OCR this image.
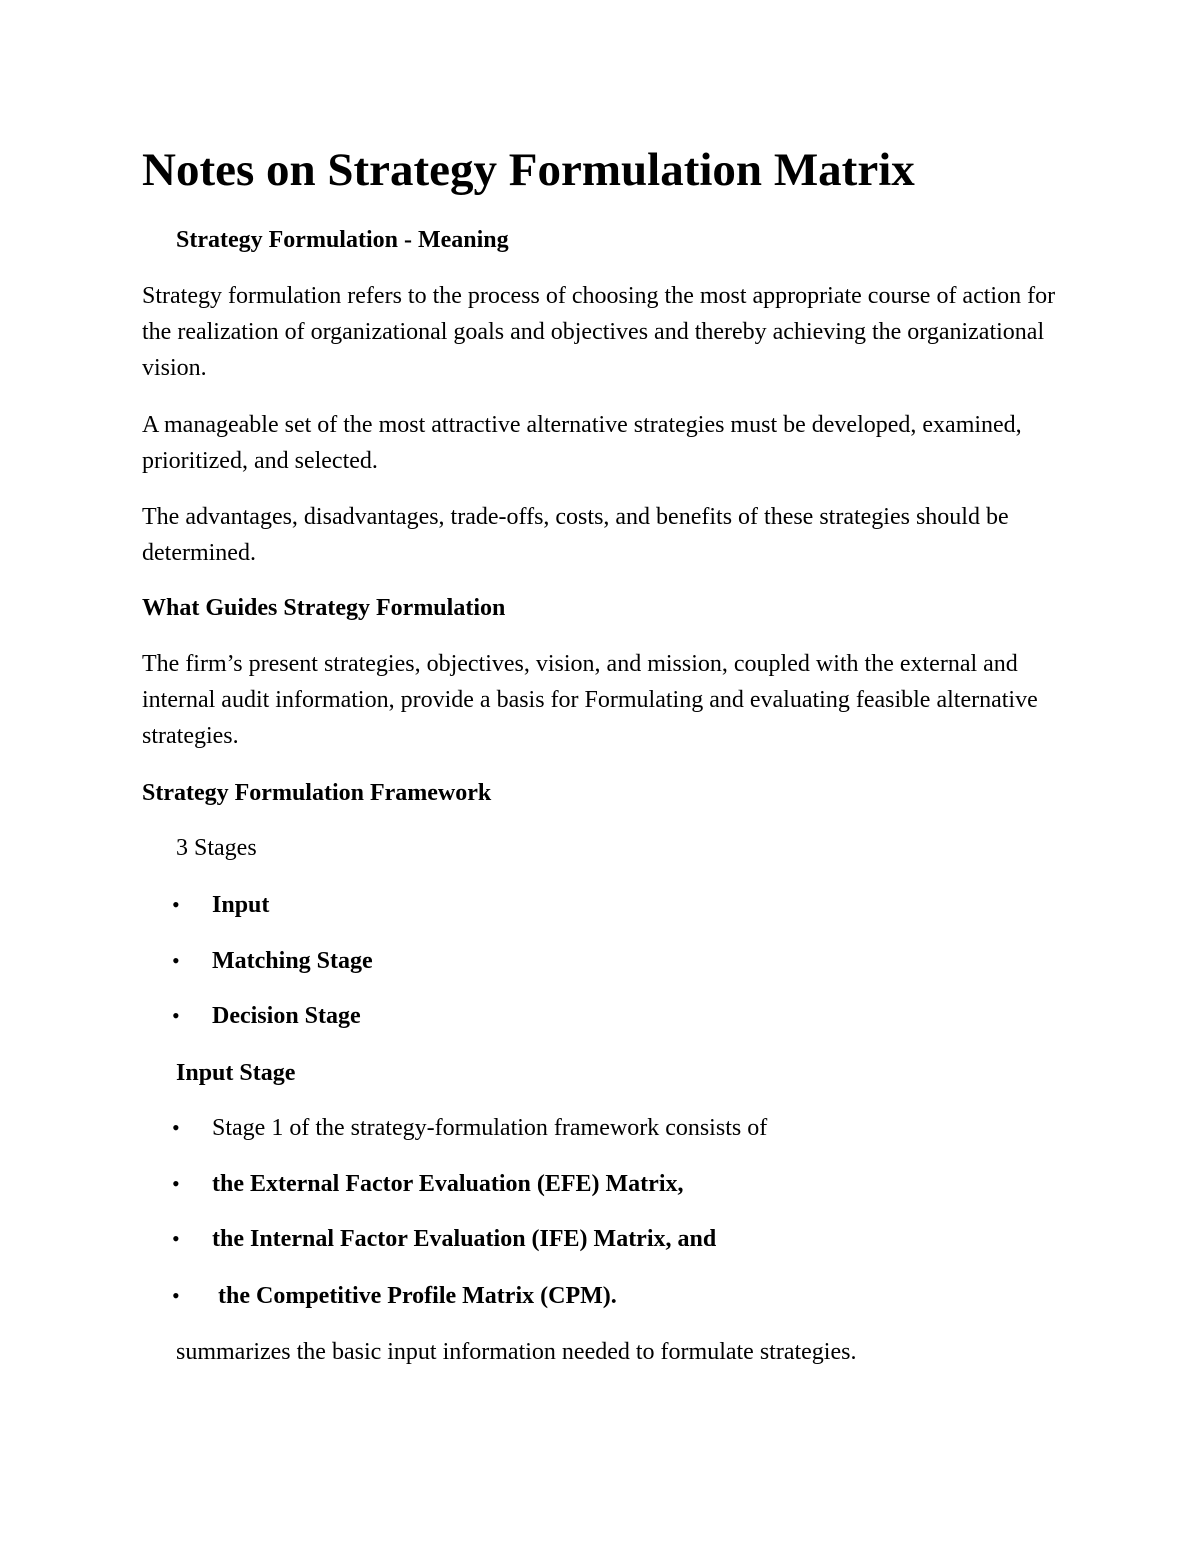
Notes on Strategy Formulation Matrix

Strategy Formulation - Meaning

Strategy formulation refers to the process of choosing the most appropriate course of action for the realization of organizational goals and objectives and thereby achieving the organizational vision.

A manageable set of the most attractive alternative strategies must be developed, examined, prioritized, and selected.

The advantages, disadvantages, trade-offs, costs, and benefits of these strategies should be determined.

What Guides Strategy Formulation

The firm’s present strategies, objectives, vision, and mission, coupled with the external and internal audit information, provide a basis for Formulating and evaluating feasible alternative strategies.

Strategy Formulation Framework

3 Stages

•	Input
•	Matching Stage
•	Decision Stage

Input Stage

•	Stage 1 of the strategy-formulation framework consists of
•	the External Factor Evaluation (EFE) Matrix,
•	the Internal Factor Evaluation (IFE) Matrix, and
•	the Competitive Profile Matrix (CPM).

summarizes the basic input information needed to formulate strategies.
